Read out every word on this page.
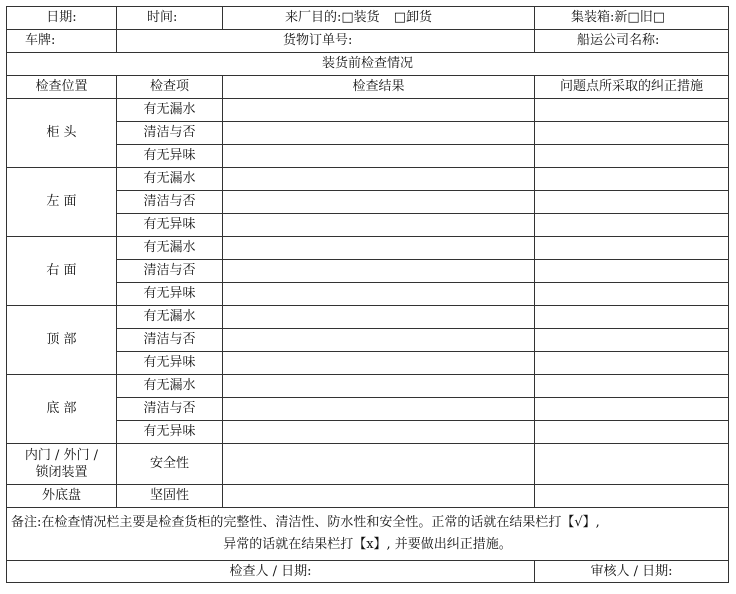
日期:	时间:	来厂目的:□装货 □卸货	集装箱:新□旧□
车牌:	货物订单号:		船运公司名称:
装货前检查情况			
检查位置	检查项	检查结果	问题点所采取的纠正措施
柜 头	有无漏水		
	清洁与否		
	有无异味		
左 面	有无漏水		
	清洁与否		
	有无异味		
右 面	有无漏水		
	清洁与否		
	有无异味		
顶 部	有无漏水		
	清洁与否		
	有无异味		
底 部	有无漏水		
	清洁与否		
	有无异味		
内门 / 外门 /
锁闭装置	安全性		
外底盘	坚固性		

备注:在检查情况栏主要是检查货柜的完整性、清洁性、防水性和安全性。正常的话就在结果栏打【√】,
异常的话就在结果栏打【x】, 并要做出纠正措施。			
检查人 / 日期:			审核人 / 日期:
